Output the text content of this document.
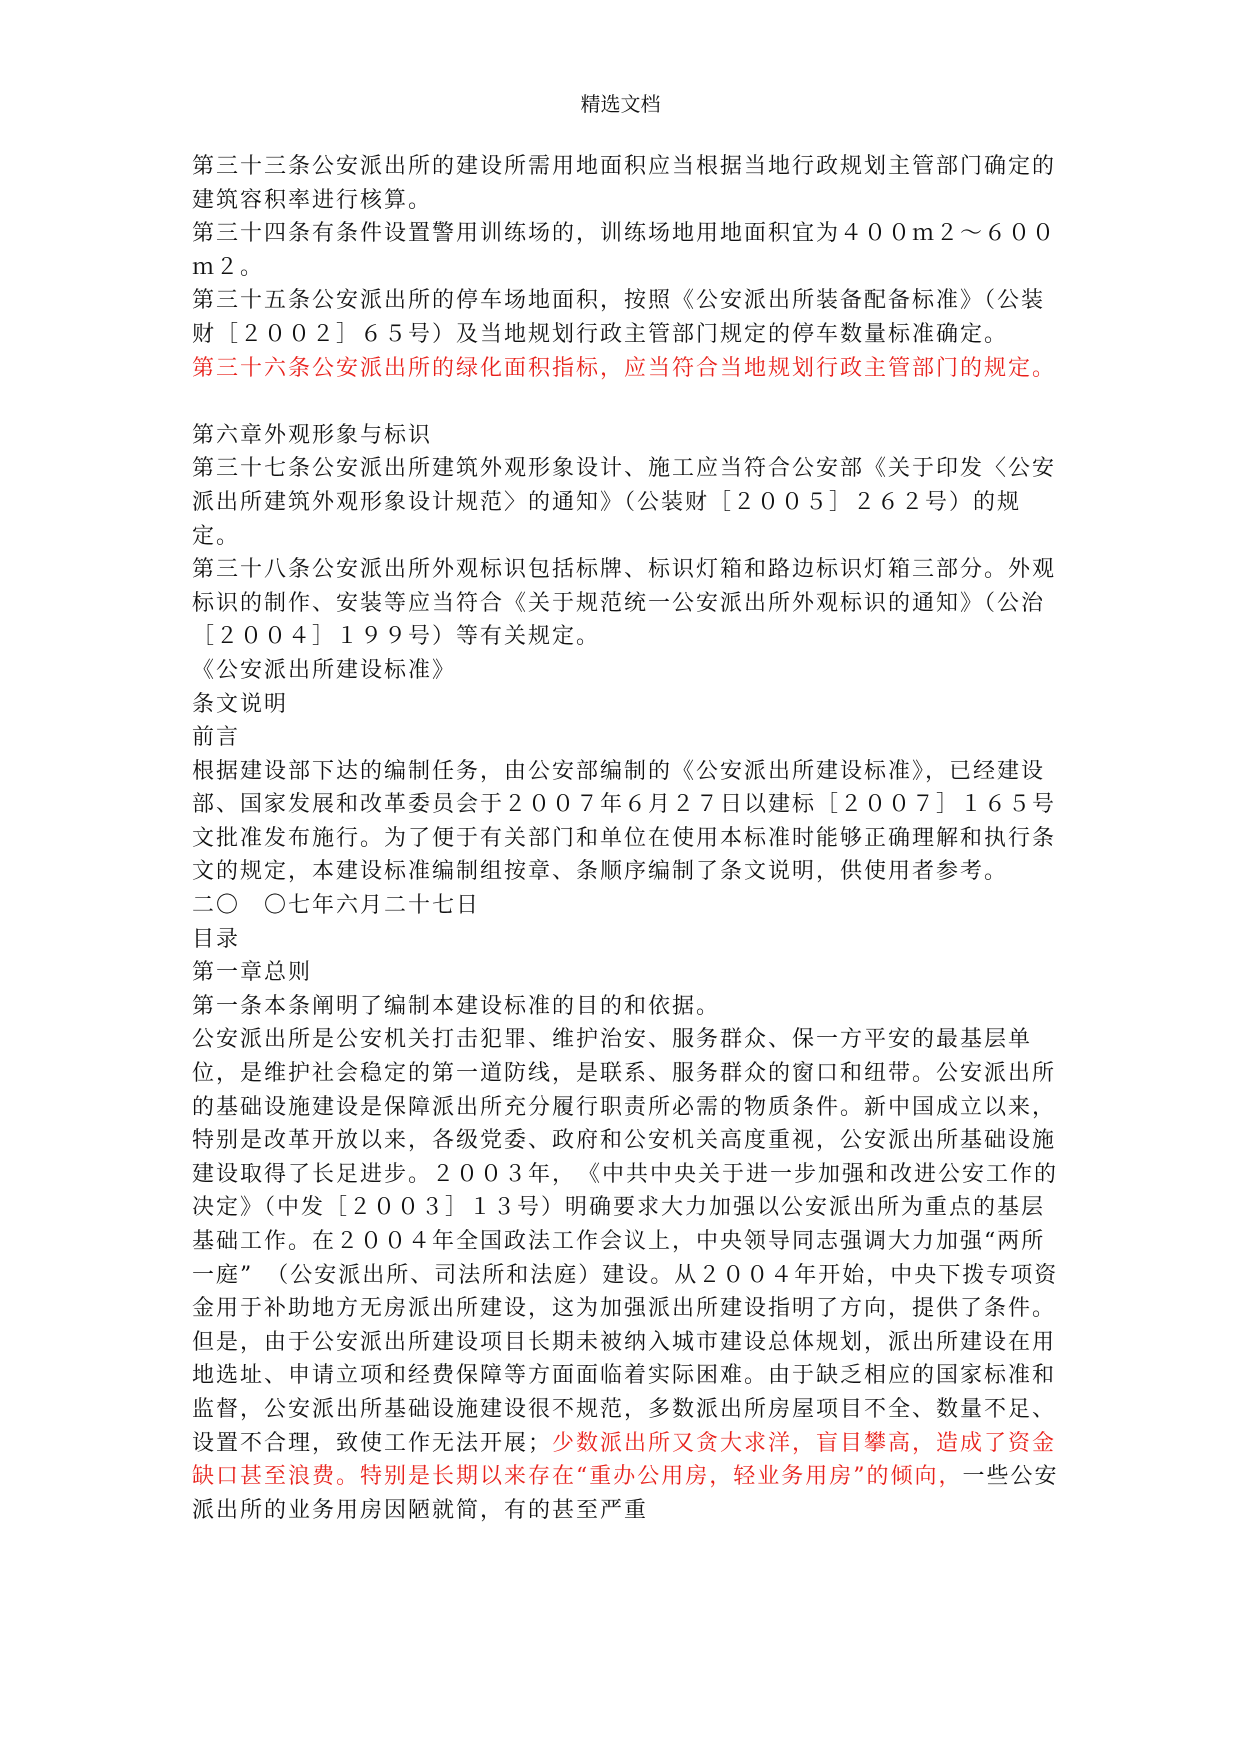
精选文档

第三十三条公安派出所的建设所需用地面积应当根据当地行政规划主管部门确定的建筑容积率进行核算。

第三十四条有条件设置警用训练场的，训练场地用地面积宜为４００ｍ２～６００ｍ２。

第三十五条公安派出所的停车场地面积，按照《公安派出所装备配备标准》（公装财［２００２］６５号）及当地规划行政主管部门规定的停车数量标准确定。

第三十六条公安派出所的绿化面积指标，应当符合当地规划行政主管部门的规定。

第六章外观形象与标识

第三十七条公安派出所建筑外观形象设计、施工应当符合公安部《关于印发〈公安派出所建筑外观形象设计规范〉的通知》（公装财［２００５］２６２号）的规定。

第三十八条公安派出所外观标识包括标牌、标识灯箱和路边标识灯箱三部分。外观标识的制作、安装等应当符合《关于规范统一公安派出所外观标识的通知》（公治［２００４］１９９号）等有关规定。

《公安派出所建设标准》

条文说明

前言

根据建设部下达的编制任务，由公安部编制的《公安派出所建设标准》，已经建设部、国家发展和改革委员会于２００７年６月２７日以建标［２００７］１６５号文批准发布施行。为了便于有关部门和单位在使用本标准时能够正确理解和执行条文的规定，本建设标准编制组按章、条顺序编制了条文说明，供使用者参考。

二〇　〇七年六月二十七日

目录

第一章总则

第一条本条阐明了编制本建设标准的目的和依据。

公安派出所是公安机关打击犯罪、维护治安、服务群众、保一方平安的最基层单位，是维护社会稳定的第一道防线，是联系、服务群众的窗口和纽带。公安派出所的基础设施建设是保障派出所充分履行职责所必需的物质条件。新中国成立以来，特别是改革开放以来，各级党委、政府和公安机关高度重视，公安派出所基础设施建设取得了长足进步。２００３年，　《中共中央关于进一步加强和改进公安工作的决定》（中发［２００３］１３号）明确要求大力加强以公安派出所为重点的基层基础工作。在２００４年全国政法工作会议上，中央领导同志强调大力加强“两所一庭”　（公安派出所、司法所和法庭）建设。从２００４年开始，中央下拨专项资金用于补助地方无房派出所建设，这为加强派出所建设指明了方向，提供了条件。但是，由于公安派出所建设项目长期未被纳入城市建设总体规划，派出所建设在用地选址、申请立项和经费保障等方面面临着实际困难。由于缺乏相应的国家标准和监督，公安派出所基础设施建设很不规范，多数派出所房屋项目不全、数量不足、设置不合理，致使工作无法开展；少数派出所又贪大求洋，盲目攀高，造成了资金缺口甚至浪费。特别是长期以来存在“重办公用房，轻业务用房”的倾向，一些公安派出所的业务用房因陋就简，有的甚至严重
